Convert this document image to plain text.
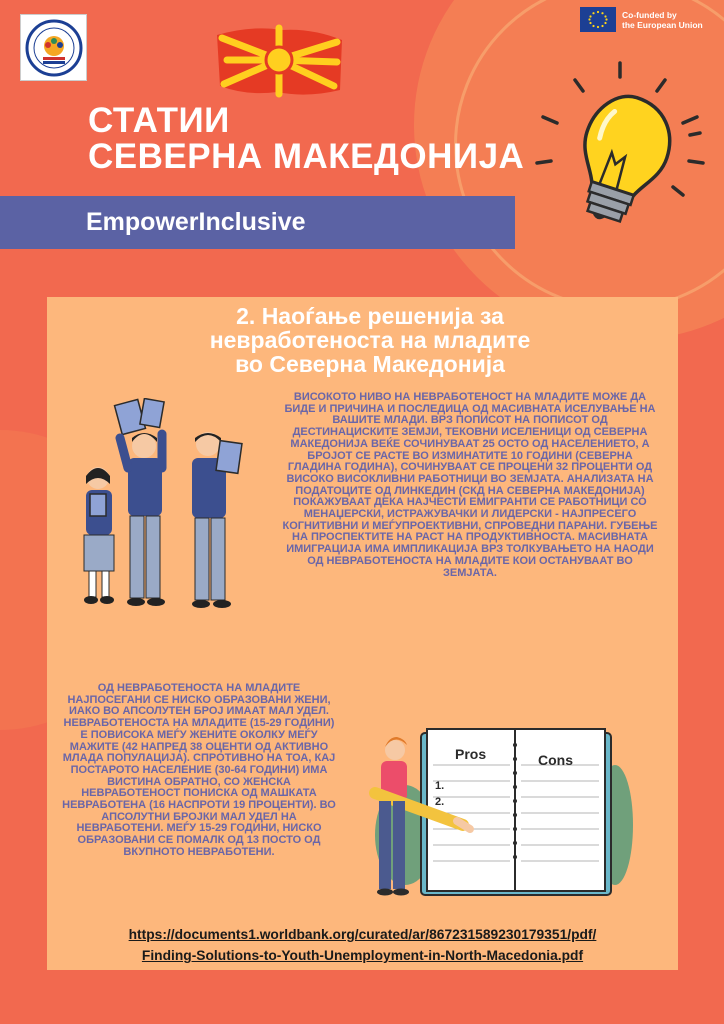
Co-funded by
the European Union
СТАТИИ
СЕВЕРНА МАКЕДОНИЈА
EmpowerInclusive
2. Наоѓање решенија за
невработеноста на младите
во Северна Македонија
ВИСОКОТО НИВО НА НЕВРАБОТЕНОСТ НА МЛАДИТЕ МОЖЕ ДА БИДЕ И ПРИЧИНА И ПОСЛЕДИЦА ОД МАСИВНАТА ИСЕЛУВАЊЕ НА ВАШИТЕ МЛАДИ. ВРЗ ПОПИСОТ НА ПОПИСОТ ОД ДЕСТИНАЦИСКИТЕ ЗЕМЈИ, ТЕКОВНИ ИСЕЛЕНИЦИ ОД СЕВЕРНА МАКЕДОНИЈА ВЕЌЕ СОЧИНУВААТ 25 ОСТО ОД НАСЕЛЕНИЕТО, А БРОЈОТ СЕ РАСТЕ ВО ИЗМИНАТИТЕ 10 ГОДИНИ (СЕВЕРНА ГЛАДИНА ГОДИНА), СОЧИНУВААТ СЕ ПРОЦЕНИ 32 ПРОЦЕНТИ ОД ВИСОКО ВИСОКЛИВНИ РАБОТНИЦИ ВО ЗЕМЈАТА. АНАЛИЗАТА НА ПОДАТОЦИТЕ ОД ЛИНКЕДИН (СКД НА СЕВЕРНА МАКЕДОНИЈА) ПОКАЖУВААТ ДЕКА НАЈЧЕСТИ ЕМИГРАНТИ СЕ РАБОТНИЦИ СО МЕНАЏЕРСКИ, ИСТРАЖУВАЧКИ И ЛИДЕРСКИ - НАЈПРЕСЕГО КОГНИТИВНИ И МЕЃУПРОЕКТИВНИ, СПРОВЕДНИ ПАРАНИ. ГУБЕЊЕ НА ПРОСПЕКТИТЕ НА РАСТ НА ПРОДУКТИВНОСТА. МАСИВНАТА ИМИГРАЦИЈА ИМА ИМПЛИКАЦИЈА ВРЗ ТОЛКУВАЊЕТО НА НАОДИ ОД НЕВРАБОТЕНОСТА НА МЛАДИТЕ КОИ ОСТАНУВААТ ВО ЗЕМЈАТА.
ОД НЕВРАБОТЕНОСТА НА МЛАДИТЕ НАЈПОСЕГАНИ СЕ НИСКО ОБРАЗОВАНИ ЖЕНИ, ИАКО ВО АПСОЛУТЕН БРОЈ ИМААТ МАЛ УДЕЛ. НЕВРАБОТЕНОСТА НА МЛАДИТЕ (15-29 ГОДИНИ) Е ПОВИСОКА МЕЃУ ЖЕНИТЕ ОКОЛКУ МЕЃУ МАЖИТЕ (42 НАПРЕД 38 ОЦЕНТИ ОД АКТИВНО МЛАДА ПОПУЛАЦИЈА). СПРОТИВНО НА ТОА, КАЈ ПОСТАРОТО НАСЕЛЕНИЕ (30-64 ГОДИНИ) ИМА ВИСТИНА ОБРАТНО, СО ЖЕНСКА НЕВРАБОТЕНОСТ ПОНИСКА ОД МАШКАТА НЕВРАБОТЕНА (16 НАСПРОТИ 19 ПРОЦЕНТИ). ВО АПСОЛУТНИ БРОЈКИ МАЛ УДЕЛ НА НЕВРАБОТЕНИ. МЕЃУ 15-29 ГОДИНИ, НИСКО ОБРАЗОВАНИ СЕ ПОМАЛК ОД 13 ПОСТО ОД ВКУПНОТО НЕВРАБОТЕНИ.
Pros	Cons
1.
2.
https://documents1.worldbank.org/curated/ar/867231589230179351/pdf/
Finding-Solutions-to-Youth-Unemployment-in-North-Macedonia.pdf
